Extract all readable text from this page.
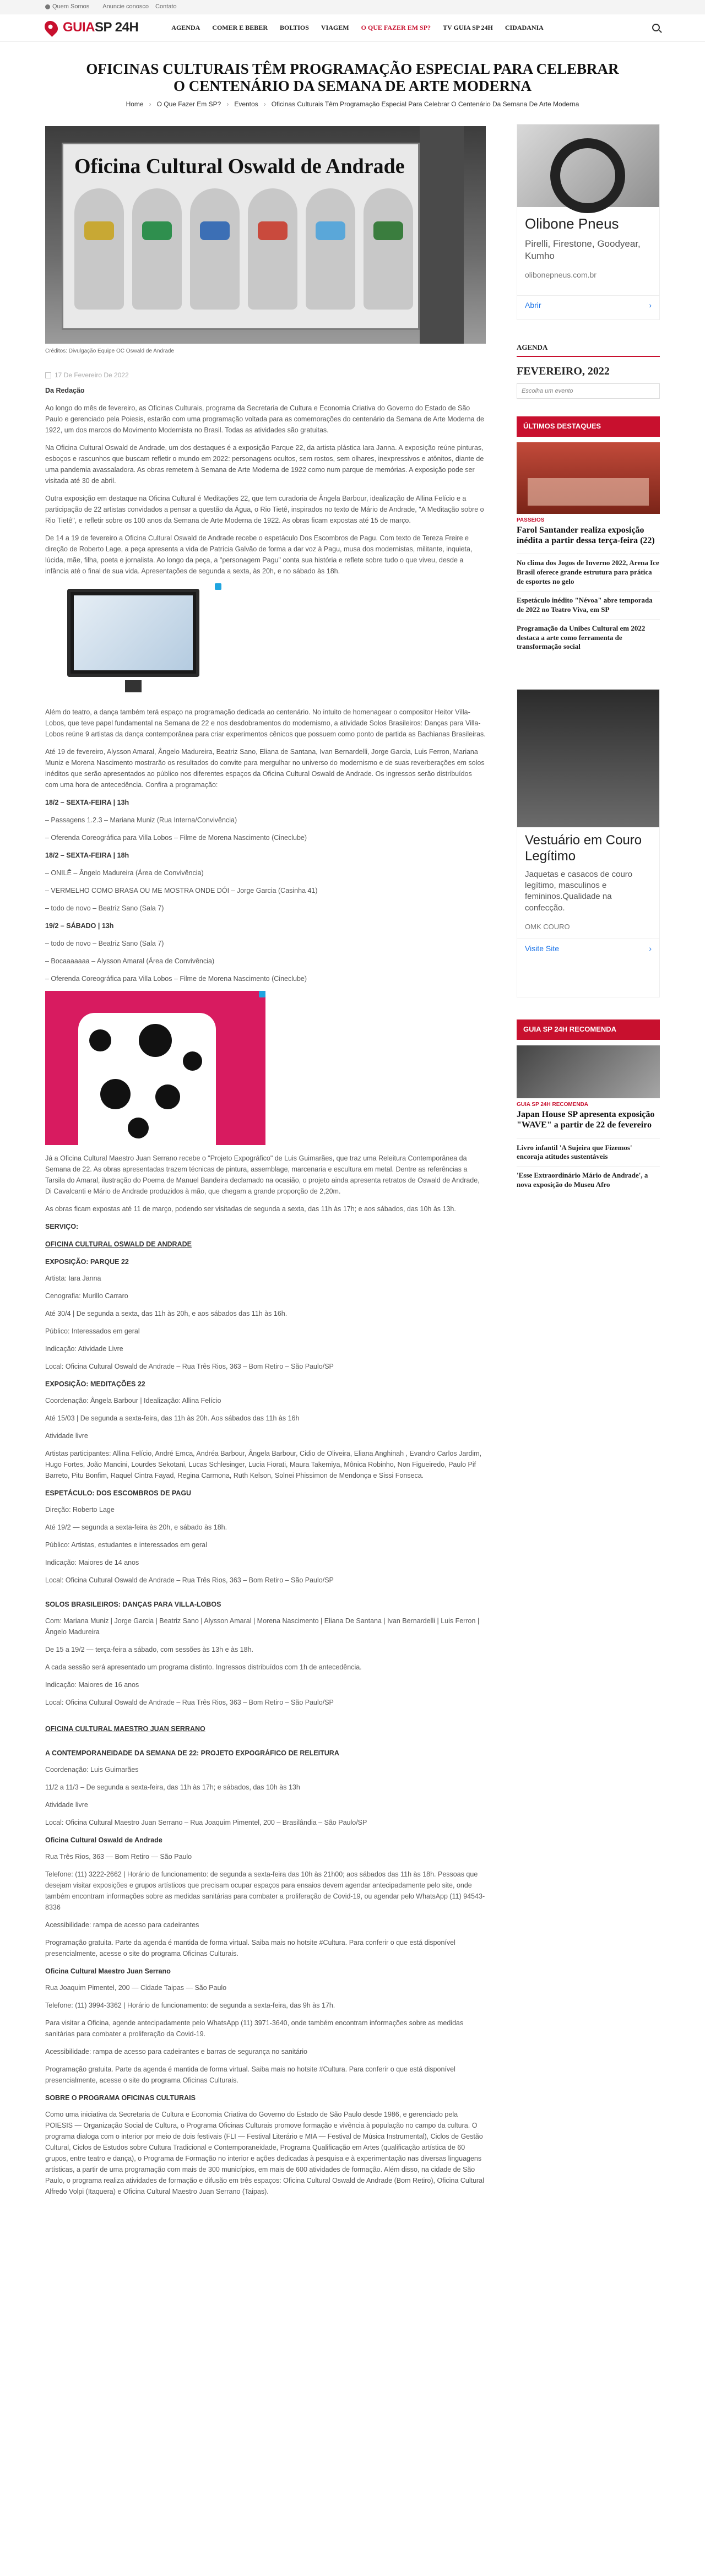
Quem Somos Anuncie conosco Contato
GUIA SP 24H	AGENDA COMER E BEBER BOLTIOS VIAGEM O QUE FAZER EM SP? TV GUIA SP 24H CIDADANIA
OFICINAS CULTURAIS TÊM PROGRAMAÇÃO ESPECIAL PARA CELEBRAR O CENTENÁRIO DA SEMANA DE ARTE MODERNA
Home › O Que Fazer Em SP? › Eventos › Oficinas Culturais Têm Programação Especial Para Celebrar O Centenário Da Semana De Arte Moderna
Oficina Cultural Oswald de Andrade
Créditos: Divulgação Equipe OC Oswald de Andrade
17 De Fevereiro De 2022

Da Redação

Ao longo do mês de fevereiro, as Oficinas Culturais, programa da Secretaria de Cultura e Economia Criativa do Governo do Estado de São Paulo e gerenciado pela Poiesis, estarão com uma programação voltada para as comemorações do centenário da Semana de Arte Moderna de 1922, um dos marcos do Movimento Modernista no Brasil. Todas as atividades são gratuitas.

Na Oficina Cultural Oswald de Andrade, um dos destaques é a exposição Parque 22, da artista plástica Iara Janna. A exposição reúne pinturas, esboços e rascunhos que buscam refletir o mundo em 2022: personagens ocultos, sem rostos, sem olhares, inexpressivos e atônitos, diante de uma pandemia avassaladora. As obras remetem à Semana de Arte Moderna de 1922 como num parque de memórias. A exposição pode ser visitada até 30 de abril.

Outra exposição em destaque na Oficina Cultural é Meditações 22, que tem curadoria de Ângela Barbour, idealização de Allina Felício e a participação de 22 artistas convidados a pensar a questão da Água, o Rio Tietê, inspirados no texto de Mário de Andrade, "A Meditação sobre o Rio Tietê", e refletir sobre os 100 anos da Semana de Arte Moderna de 1922. As obras ficam expostas até 15 de março.

De 14 a 19 de fevereiro a Oficina Cultural Oswald de Andrade recebe o espetáculo Dos Escombros de Pagu. Com texto de Tereza Freire e direção de Roberto Lage, a peça apresenta a vida de Patrícia Galvão de forma a dar voz à Pagu, musa dos modernistas, militante, inquieta, lúcida, mãe, filha, poeta e jornalista. Ao longo da peça, a "personagem Pagu" conta sua história e reflete sobre tudo o que viveu, desde a infância até o final de sua vida. Apresentações de segunda a sexta, às 20h, e no sábado às 18h.

Além do teatro, a dança também terá espaço na programação dedicada ao centenário. No intuito de homenagear o compositor Heitor Villa-Lobos, que teve papel fundamental na Semana de 22 e nos desdobramentos do modernismo, a atividade Solos Brasileiros: Danças para Villa-Lobos reúne 9 artistas da dança contemporânea para criar experimentos cênicos que possuem como ponto de partida as Bachianas Brasileiras.

Até 19 de fevereiro, Alysson Amaral, Ângelo Madureira, Beatriz Sano, Eliana de Santana, Ivan Bernardelli, Jorge Garcia, Luis Ferron, Mariana Muniz e Morena Nascimento mostrarão os resultados do convite para mergulhar no universo do modernismo e de suas reverberações em solos inéditos que serão apresentados ao público nos diferentes espaços da Oficina Cultural Oswald de Andrade. Os ingressos serão distribuídos com uma hora de antecedência. Confira a programação:

18/2 – SEXTA-FEIRA | 13h

– Passagens 1.2.3 – Mariana Muniz (Rua Interna/Convivência)

– Oferenda Coreográfica para Villa Lobos – Filme de Morena Nascimento (Cineclube)

18/2 – SEXTA-FEIRA | 18h

– ONILÊ – Ângelo Madureira (Área de Convivência)

– VERMELHO COMO BRASA OU ME MOSTRA ONDE DÓI – Jorge Garcia (Casinha 41)

– todo de novo – Beatriz Sano (Sala 7)

19/2 – SÁBADO | 13h

– todo de novo – Beatriz Sano (Sala 7)

– Bocaaaaaaa – Alysson Amaral (Área de Convivência)

– Oferenda Coreográfica para Villa Lobos – Filme de Morena Nascimento (Cineclube)

Já a Oficina Cultural Maestro Juan Serrano recebe o "Projeto Expográfico" de Luis Guimarães, que traz uma Releitura Contemporânea da Semana de 22. As obras apresentadas trazem técnicas de pintura, assemblage, marcenaria e escultura em metal. Dentre as referências a Tarsila do Amaral, ilustração do Poema de Manuel Bandeira declamado na ocasião, o projeto ainda apresenta retratos de Oswald de Andrade, Di Cavalcanti e Mário de Andrade produzidos à mão, que chegam a grande proporção de 2,20m.

As obras ficam expostas até 11 de março, podendo ser visitadas de segunda a sexta, das 11h às 17h; e aos sábados, das 10h às 13h.

SERVIÇO:

OFICINA CULTURAL OSWALD DE ANDRADE

EXPOSIÇÃO: PARQUE 22

Artista: Iara Janna

Cenografia: Murillo Carraro

Até 30/4 | De segunda a sexta, das 11h às 20h, e aos sábados das 11h às 16h.

Público: Interessados em geral

Indicação: Atividade Livre

Local: Oficina Cultural Oswald de Andrade – Rua Três Rios, 363 – Bom Retiro – São Paulo/SP

EXPOSIÇÃO: MEDITAÇÕES 22

Coordenação: Ângela Barbour | Idealização: Allina Felício

Até 15/03 | De segunda a sexta-feira, das 11h às 20h. Aos sábados das 11h às 16h

Atividade livre

Artistas participantes: Allina Felício, André Emca, Andréa Barbour, Ângela Barbour, Cidio de Oliveira, Eliana Anghinah , Evandro Carlos Jardim, Hugo Fortes, João Mancini, Lourdes Sekotani, Lucas Schlesinger, Lucia Fiorati, Maura Takemiya, Mônica Robinho, Non Figueiredo, Paulo Pif Barreto, Pitu Bonfim, Raquel Cintra Fayad, Regina Carmona, Ruth Kelson, Solnei Phissimon de Mendonça e Sissi Fonseca.

ESPETÁCULO: DOS ESCOMBROS DE PAGU

Direção: Roberto Lage

Até 19/2 — segunda a sexta-feira às 20h, e sábado às 18h.

Público: Artistas, estudantes e interessados em geral

Indicação: Maiores de 14 anos

Local: Oficina Cultural Oswald de Andrade – Rua Três Rios, 363 – Bom Retiro – São Paulo/SP

SOLOS BRASILEIROS: DANÇAS PARA VILLA-LOBOS

Com: Mariana Muniz | Jorge Garcia | Beatriz Sano | Alysson Amaral | Morena Nascimento | Eliana De Santana | Ivan Bernardelli | Luis Ferron | Ângelo Madureira

De 15 a 19/2 — terça-feira a sábado, com sessões às 13h e às 18h.

A cada sessão será apresentado um programa distinto. Ingressos distribuídos com 1h de antecedência.

Indicação: Maiores de 16 anos

Local: Oficina Cultural Oswald de Andrade – Rua Três Rios, 363 – Bom Retiro – São Paulo/SP

OFICINA CULTURAL MAESTRO JUAN SERRANO

A CONTEMPORANEIDADE DA SEMANA DE 22: PROJETO EXPOGRÁFICO DE RELEITURA

Coordenação: Luis Guimarães

11/2 a 11/3 – De segunda a sexta-feira, das 11h às 17h; e sábados, das 10h às 13h

Atividade livre

Local: Oficina Cultural Maestro Juan Serrano – Rua Joaquim Pimentel, 200 – Brasilândia – São Paulo/SP

Oficina Cultural Oswald de Andrade

Rua Três Rios, 363 — Bom Retiro — São Paulo

Telefone: (11) 3222-2662 | Horário de funcionamento: de segunda a sexta-feira das 10h às 21h00; aos sábados das 11h às 18h. Pessoas que desejam visitar exposições e grupos artísticos que precisam ocupar espaços para ensaios devem agendar antecipadamente pelo site, onde também encontram informações sobre as medidas sanitárias para combater a proliferação de Covid-19, ou agendar pelo WhatsApp (11) 94543-8336

Acessibilidade: rampa de acesso para cadeirantes

Programação gratuita. Parte da agenda é mantida de forma virtual. Saiba mais no hotsite #Cultura. Para conferir o que está disponível presencialmente, acesse o site do programa Oficinas Culturais.

Oficina Cultural Maestro Juan Serrano

Rua Joaquim Pimentel, 200 — Cidade Taipas — São Paulo

Telefone: (11) 3994-3362 | Horário de funcionamento: de segunda a sexta-feira, das 9h às 17h.

Para visitar a Oficina, agende antecipadamente pelo WhatsApp (11) 3971-3640, onde também encontram informações sobre as medidas sanitárias para combater a proliferação da Covid-19.

Acessibilidade: rampa de acesso para cadeirantes e barras de segurança no sanitário

Programação gratuita. Parte da agenda é mantida de forma virtual. Saiba mais no hotsite #Cultura. Para conferir o que está disponível presencialmente, acesse o site do programa Oficinas Culturais.

SOBRE O PROGRAMA OFICINAS CULTURAIS

Como uma iniciativa da Secretaria de Cultura e Economia Criativa do Governo do Estado de São Paulo desde 1986, e gerenciado pela POIESIS — Organização Social de Cultura, o Programa Oficinas Culturais promove formação e vivência à população no campo da cultura. O programa dialoga com o interior por meio de dois festivais (FLI — Festival Literário e MIA — Festival de Música Instrumental), Ciclos de Gestão Cultural, Ciclos de Estudos sobre Cultura Tradicional e Contemporaneidade, Programa Qualificação em Artes (qualificação artística de 60 grupos, entre teatro e dança), o Programa de Formação no interior e ações dedicadas à pesquisa e à experimentação nas diversas linguagens artísticas, a partir de uma programação com mais de 300 municípios, em mais de 600 atividades de formação. Além disso, na cidade de São Paulo, o programa realiza atividades de formação e difusão em três espaços: Oficina Cultural Oswald de Andrade (Bom Retiro), Oficina Cultural Alfredo Volpi (Itaquera) e Oficina Cultural Maestro Juan Serrano (Taipas).

Olibone Pneus
Pirelli, Firestone, Goodyear, Kumho
olibonepneus.com.br
Abrir	›
AGENDA
FEVEREIRO, 2022
Escolha um evento
ÚLTIMOS DESTAQUES
PASSEIOS
Farol Santander realiza exposição inédita a partir dessa terça-feira (22)
No clima dos Jogos de Inverno 2022, Arena Ice Brasil oferece grande estrutura para prática de esportes no gelo
Espetáculo inédito "Névoa" abre temporada de 2022 no Teatro Viva, em SP
Programação da Unibes Cultural em 2022 destaca a arte como ferramenta de transformação social
Vestuário em Couro Legítimo
Jaquetas e casacos de couro legítimo, masculinos e femininos.Qualidade na confecção.
OMK COURO
Visite Site	›
GUIA SP 24H RECOMENDA
GUIA SP 24H RECOMENDA
Japan House SP apresenta exposição "WAVE" a partir de 22 de fevereiro
Livro infantil 'A Sujeira que Fizemos' encoraja atitudes sustentáveis
'Esse Extraordinário Mário de Andrade', a nova exposição do Museu Afro
